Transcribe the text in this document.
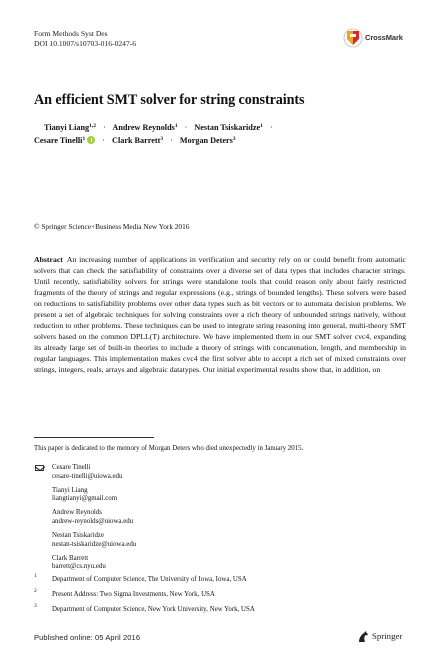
Form Methods Syst Des
DOI 10.1007/s10703-016-0247-6
CrossMark
An efficient SMT solver for string constraints
Tianyi Liang$^{1,2}$ · Andrew Reynolds$^1$ · Nestan Tsiskaridze$^1$ ·
Cesare Tinelli$^1$ · Clark Barrett$^3$ · Morgan Deters$^3$
© Springer Science+Business Media New York 2016
Abstract An increasing number of applications in verification and security rely on or could benefit from automatic solvers that can check the satisfiability of constraints over a diverse set of data types that includes character strings. Until recently, satisfiability solvers for strings were standalone tools that could reason only about fairly restricted fragments of the theory of strings and regular expressions (e.g., strings of bounded lengths). These solvers were based on reductions to satisfiability problems over other data types such as bit vectors or to automata decision problems. We present a set of algebraic techniques for solving constraints over a rich theory of unbounded strings natively, without reduction to other problems. These techniques can be used to integrate string reasoning into general, multi-theory SMT solvers based on the common DPLL(T) architecture. We have implemented them in our SMT solver cvc4, expanding its already large set of built-in theories to include a theory of strings with concatenation, length, and membership in regular languages. This implementation makes cvc4 the first solver able to accept a rich set of mixed constraints over strings, integers, reals, arrays and algebraic datatypes. Our initial experimental results show that, in addition, on
This paper is dedicated to the memory of Morgan Deters who died unexpectedly in January 2015.
Cesare Tinelli
cesare-tinelli@uiowa.edu
Tianyi Liang
liangtianyi@gmail.com
Andrew Reynolds
andrew-reynolds@uiowa.edu
Nestan Tsiskaridze
nestan-tsiskaridze@uiowa.edu
Clark Barrett
barrett@cs.nyu.edu
1 Department of Computer Science, The University of Iowa, Iowa, USA
2 Present Address: Two Sigma Investments, New York, USA
3 Department of Computer Science, New York University, New York, USA
Published online: 05 April 2016	Springer
